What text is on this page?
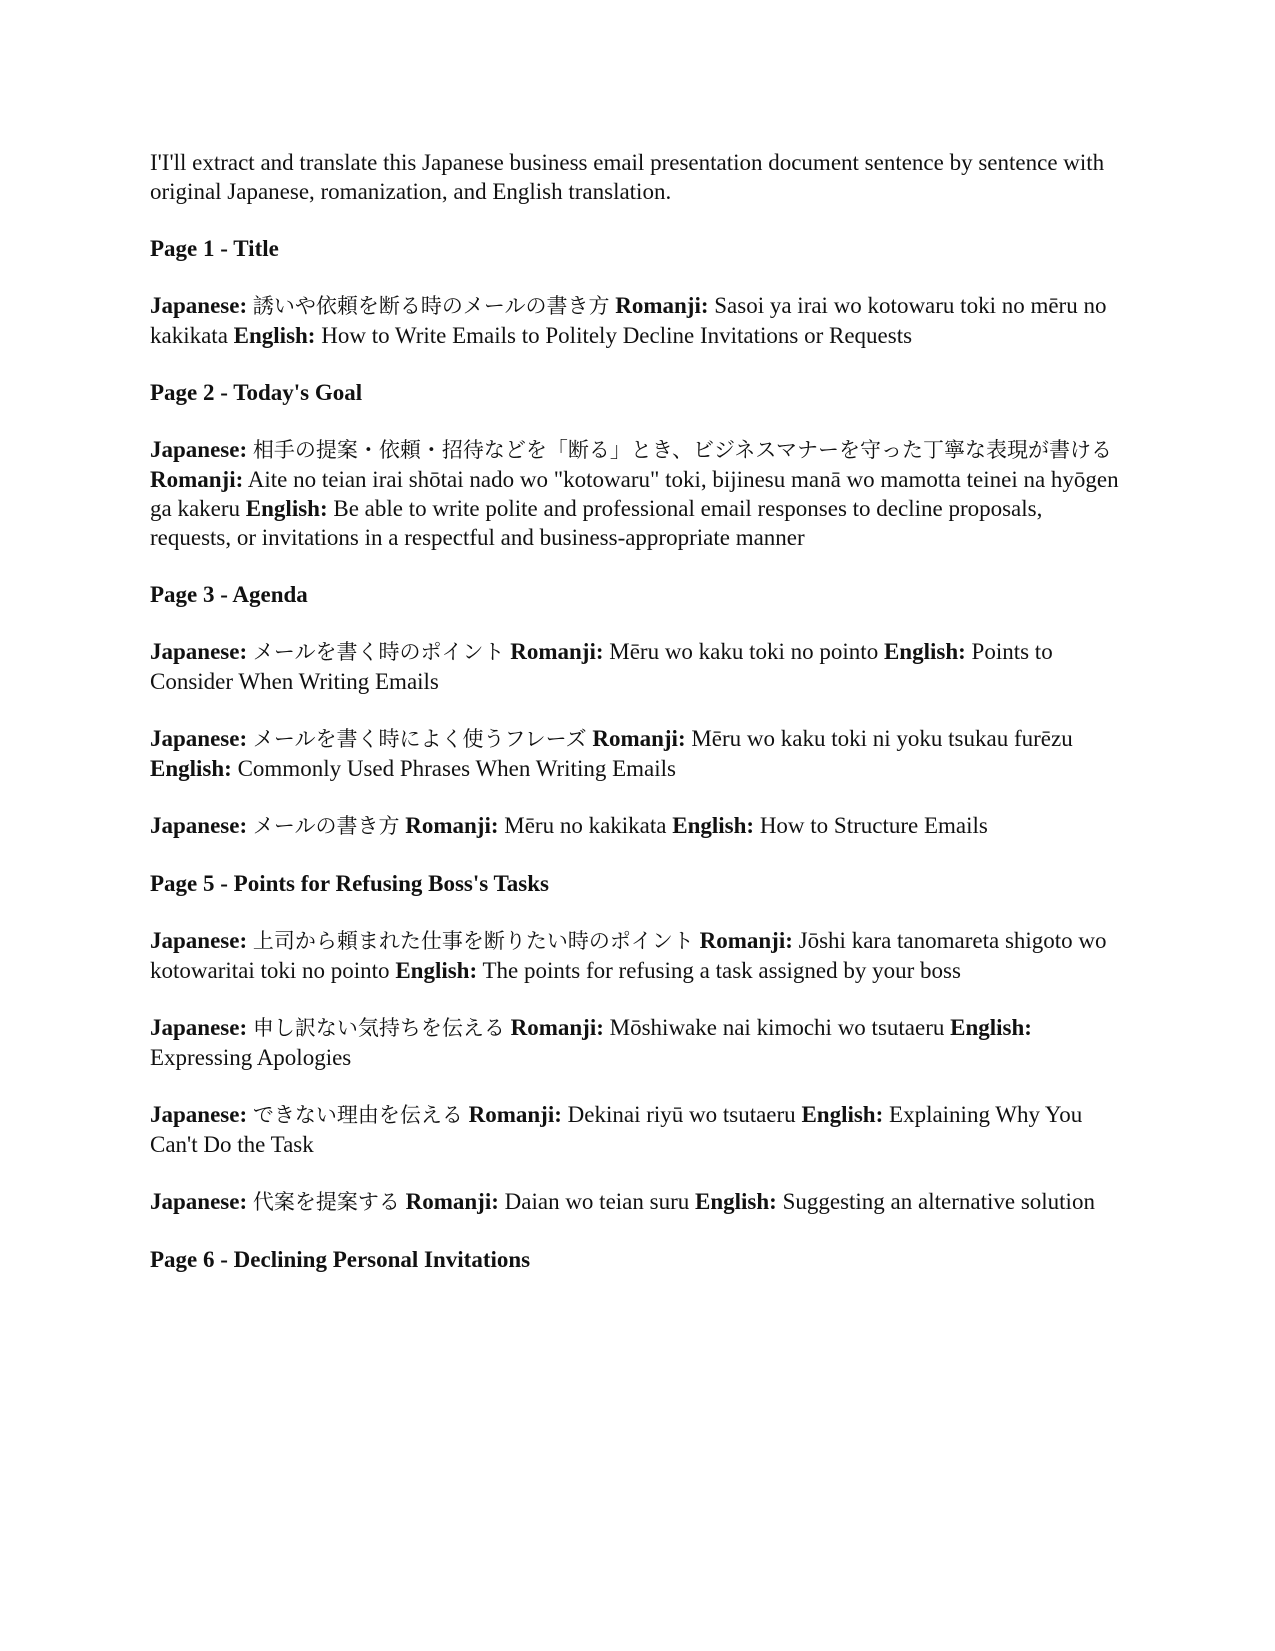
I'I'll extract and translate this Japanese business email presentation document sentence by sentence with original Japanese, romanization, and English translation.

Page 1 - Title

Japanese: 誘いや依頼を断る時のメールの書き方 Romanji: Sasoi ya irai wo kotowaru toki no mēru no kakikata English: How to Write Emails to Politely Decline Invitations or Requests

Page 2 - Today's Goal

Japanese: 相手の提案・依頼・招待などを「断る」とき、ビジネスマナーを守った丁寧な表現が書ける Romanji: Aite no teian irai shōtai nado wo "kotowaru" toki, bijinesu manā wo mamotta teinei na hyōgen ga kakeru English: Be able to write polite and professional email responses to decline proposals, requests, or invitations in a respectful and business-appropriate manner

Page 3 - Agenda

Japanese: メールを書く時のポイント Romanji: Mēru wo kaku toki no pointo English: Points to Consider When Writing Emails

Japanese: メールを書く時によく使うフレーズ Romanji: Mēru wo kaku toki ni yoku tsukau furēzu English: Commonly Used Phrases When Writing Emails

Japanese: メールの書き方 Romanji: Mēru no kakikata English: How to Structure Emails

Page 5 - Points for Refusing Boss's Tasks

Japanese: 上司から頼まれた仕事を断りたい時のポイント Romanji: Jōshi kara tanomareta shigoto wo kotowaritai toki no pointo English: The points for refusing a task assigned by your boss

Japanese: 申し訳ない気持ちを伝える Romanji: Mōshiwake nai kimochi wo tsutaeru English: Expressing Apologies

Japanese: できない理由を伝える Romanji: Dekinai riyū wo tsutaeru English: Explaining Why You Can't Do the Task

Japanese: 代案を提案する Romanji: Daian wo teian suru English: Suggesting an alternative solution

Page 6 - Declining Personal Invitations
